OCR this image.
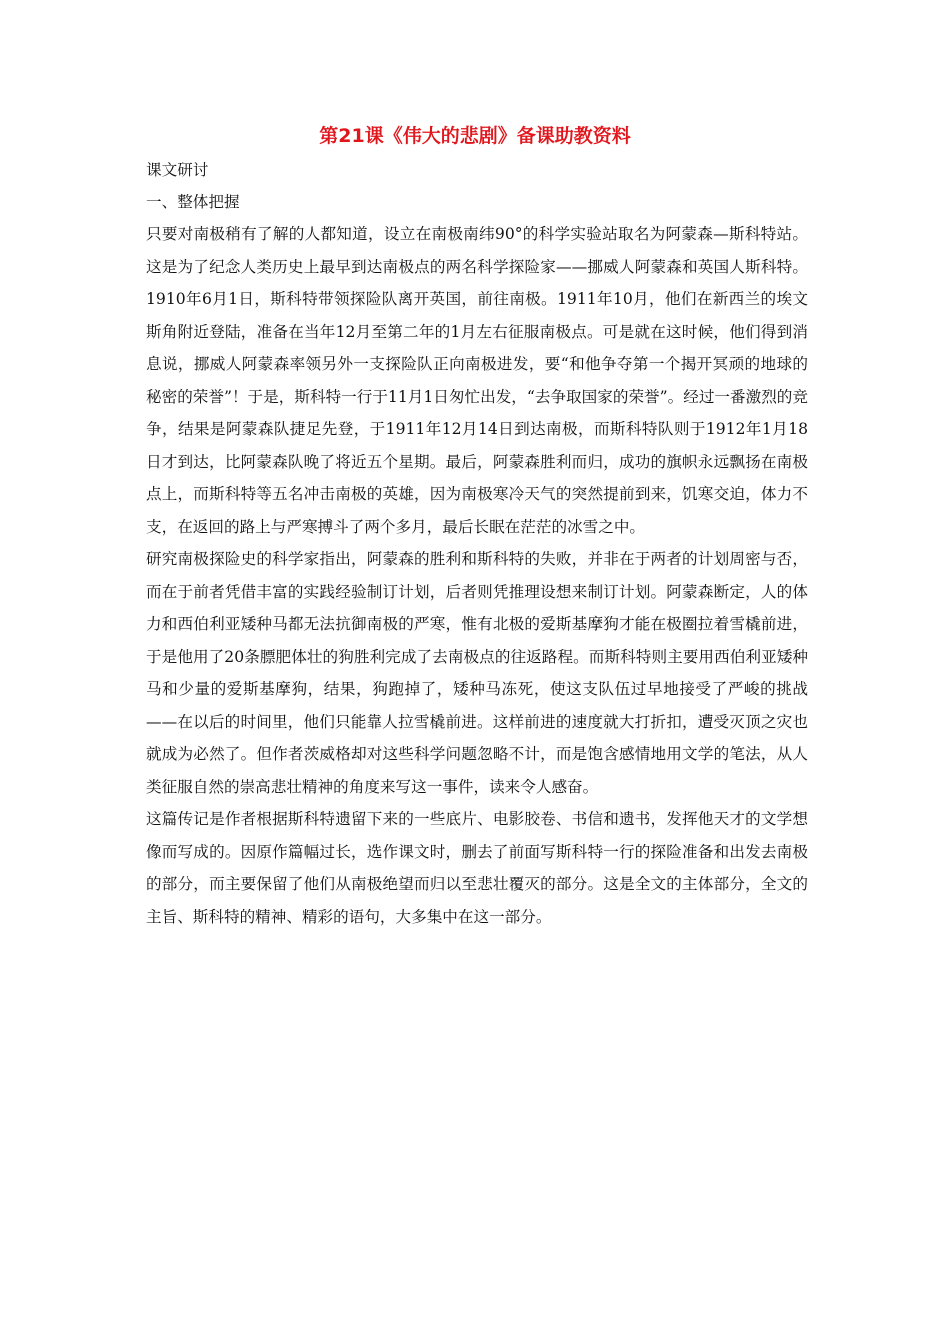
第21课《伟大的悲剧》备课助教资料

课文研讨

一、整体把握

只要对南极稍有了解的人都知道，设立在南极南纬90°的科学实验站取名为阿蒙森—斯科特站。这是为了纪念人类历史上最早到达南极点的两名科学探险家——挪威人阿蒙森和英国人斯科特。1910年6月1日，斯科特带领探险队离开英国，前往南极。1911年10月，他们在新西兰的埃文斯角附近登陆，准备在当年12月至第二年的1月左右征服南极点。可是就在这时候，他们得到消息说，挪威人阿蒙森率领另外一支探险队正向南极进发，要“和他争夺第一个揭开冥顽的地球的秘密的荣誉”！于是，斯科特一行于11月1日匆忙出发，“去争取国家的荣誉”。经过一番激烈的竞争，结果是阿蒙森队捷足先登，于1911年12月14日到达南极，而斯科特队则于1912年1月18日才到达，比阿蒙森队晚了将近五个星期。最后，阿蒙森胜利而归，成功的旗帜永远飘扬在南极点上，而斯科特等五名冲击南极的英雄，因为南极寒冷天气的突然提前到来，饥寒交迫，体力不支，在返回的路上与严寒搏斗了两个多月，最后长眠在茫茫的冰雪之中。

研究南极探险史的科学家指出，阿蒙森的胜利和斯科特的失败，并非在于两者的计划周密与否，而在于前者凭借丰富的实践经验制订计划，后者则凭推理设想来制订计划。阿蒙森断定，人的体力和西伯利亚矮种马都无法抗御南极的严寒，惟有北极的爱斯基摩狗才能在极圈拉着雪橇前进，于是他用了20条膘肥体壮的狗胜利完成了去南极点的往返路程。而斯科特则主要用西伯利亚矮种马和少量的爱斯基摩狗，结果，狗跑掉了，矮种马冻死，使这支队伍过早地接受了严峻的挑战——在以后的时间里，他们只能靠人拉雪橇前进。这样前进的速度就大打折扣，遭受灭顶之灾也就成为必然了。但作者茨威格却对这些科学问题忽略不计，而是饱含感情地用文学的笔法，从人类征服自然的崇高悲壮精神的角度来写这一事件，读来令人感奋。

这篇传记是作者根据斯科特遗留下来的一些底片、电影胶卷、书信和遗书，发挥他天才的文学想像而写成的。因原作篇幅过长，选作课文时，删去了前面写斯科特一行的探险准备和出发去南极的部分，而主要保留了他们从南极绝望而归以至悲壮覆灭的部分。这是全文的主体部分，全文的主旨、斯科特的精神、精彩的语句，大多集中在这一部分。
